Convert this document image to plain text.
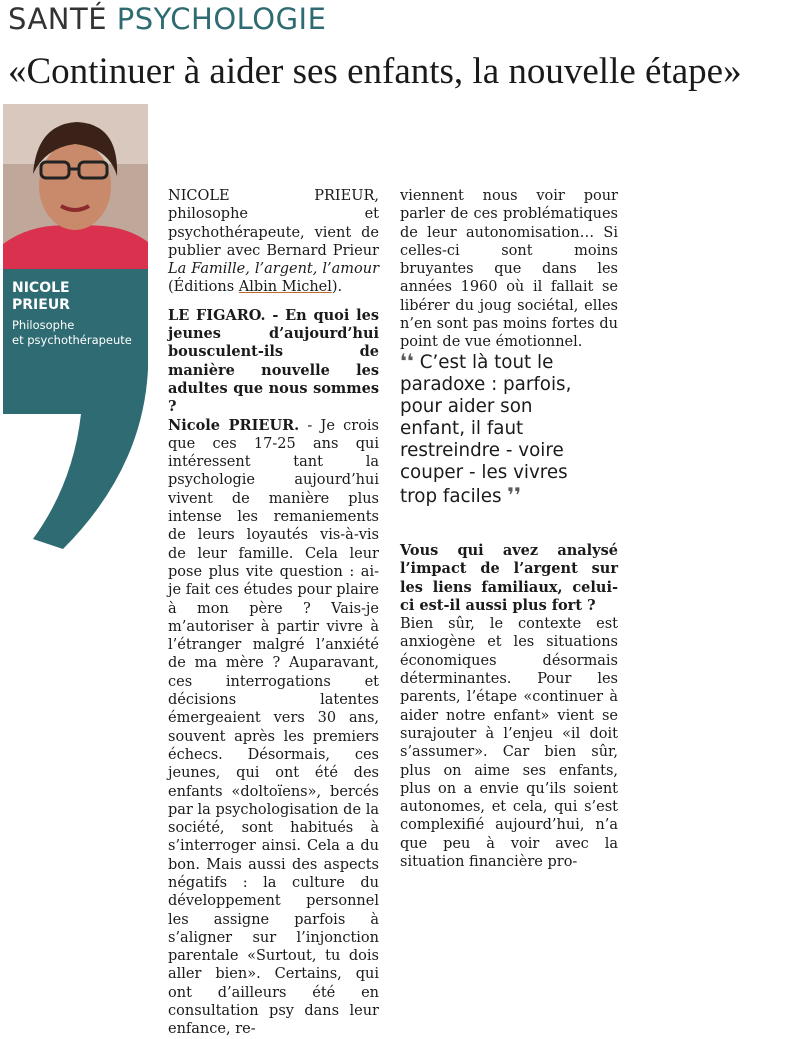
SANTÉ PSYCHOLOGIE
«Continuer à aider ses enfants, la nouvelle étape»
NICOLE
PRIEUR
Philosophe
et psychothérapeute

NICOLE PRIEUR, philosophe et psychothérapeute, vient de publier avec Bernard Prieur La Famille, l’argent, l’amour (Éditions Albin Michel).

LE FIGARO. - En quoi les jeunes d’aujourd’hui bousculent-ils de manière nouvelle les adultes que nous sommes ?

Nicole PRIEUR. - Je crois que ces 17-25 ans qui intéressent tant la psychologie aujourd’hui vivent de manière plus intense les remaniements de leurs loyautés vis-à-vis de leur famille. Cela leur pose plus vite question : ai-je fait ces études pour plaire à mon père ? Vais-je m’autoriser à partir vivre à l’étranger malgré l’anxiété de ma mère ? Auparavant, ces interrogations et décisions latentes émergeaient vers 30 ans, souvent après les premiers échecs. Désormais, ces jeunes, qui ont été des enfants «doltoïens», bercés par la psychologisation de la société, sont habitués à s’interroger ainsi. Cela a du bon. Mais aussi des aspects négatifs : la culture du développement personnel les assigne parfois à s’aligner sur l’injonction parentale «Surtout, tu dois aller bien». Certains, qui ont d’ailleurs été en consultation psy dans leur enfance, re-

viennent nous voir pour parler de ces problématiques de leur autonomisation… Si celles-ci sont moins bruyantes que dans les années 1960 où il fallait se libérer du joug sociétal, elles n’en sont pas moins fortes du point de vue émotionnel.

❛❛ C’est là tout le paradoxe : parfois, pour aider son enfant, il faut restreindre - voire couper - les vivres trop faciles ❜❜

Vous qui avez analysé l’impact de l’argent sur les liens familiaux, celui-ci est-il aussi plus fort ?

Bien sûr, le contexte est anxiogène et les situations économiques désormais déterminantes. Pour les parents, l’étape «continuer à aider notre enfant» vient se surajouter à l’enjeu «il doit s’assumer». Car bien sûr, plus on aime ses enfants, plus on a envie qu’ils soient autonomes, et cela, qui s’est complexifié aujourd’hui, n’a que peu à voir avec la situation financière pro-
